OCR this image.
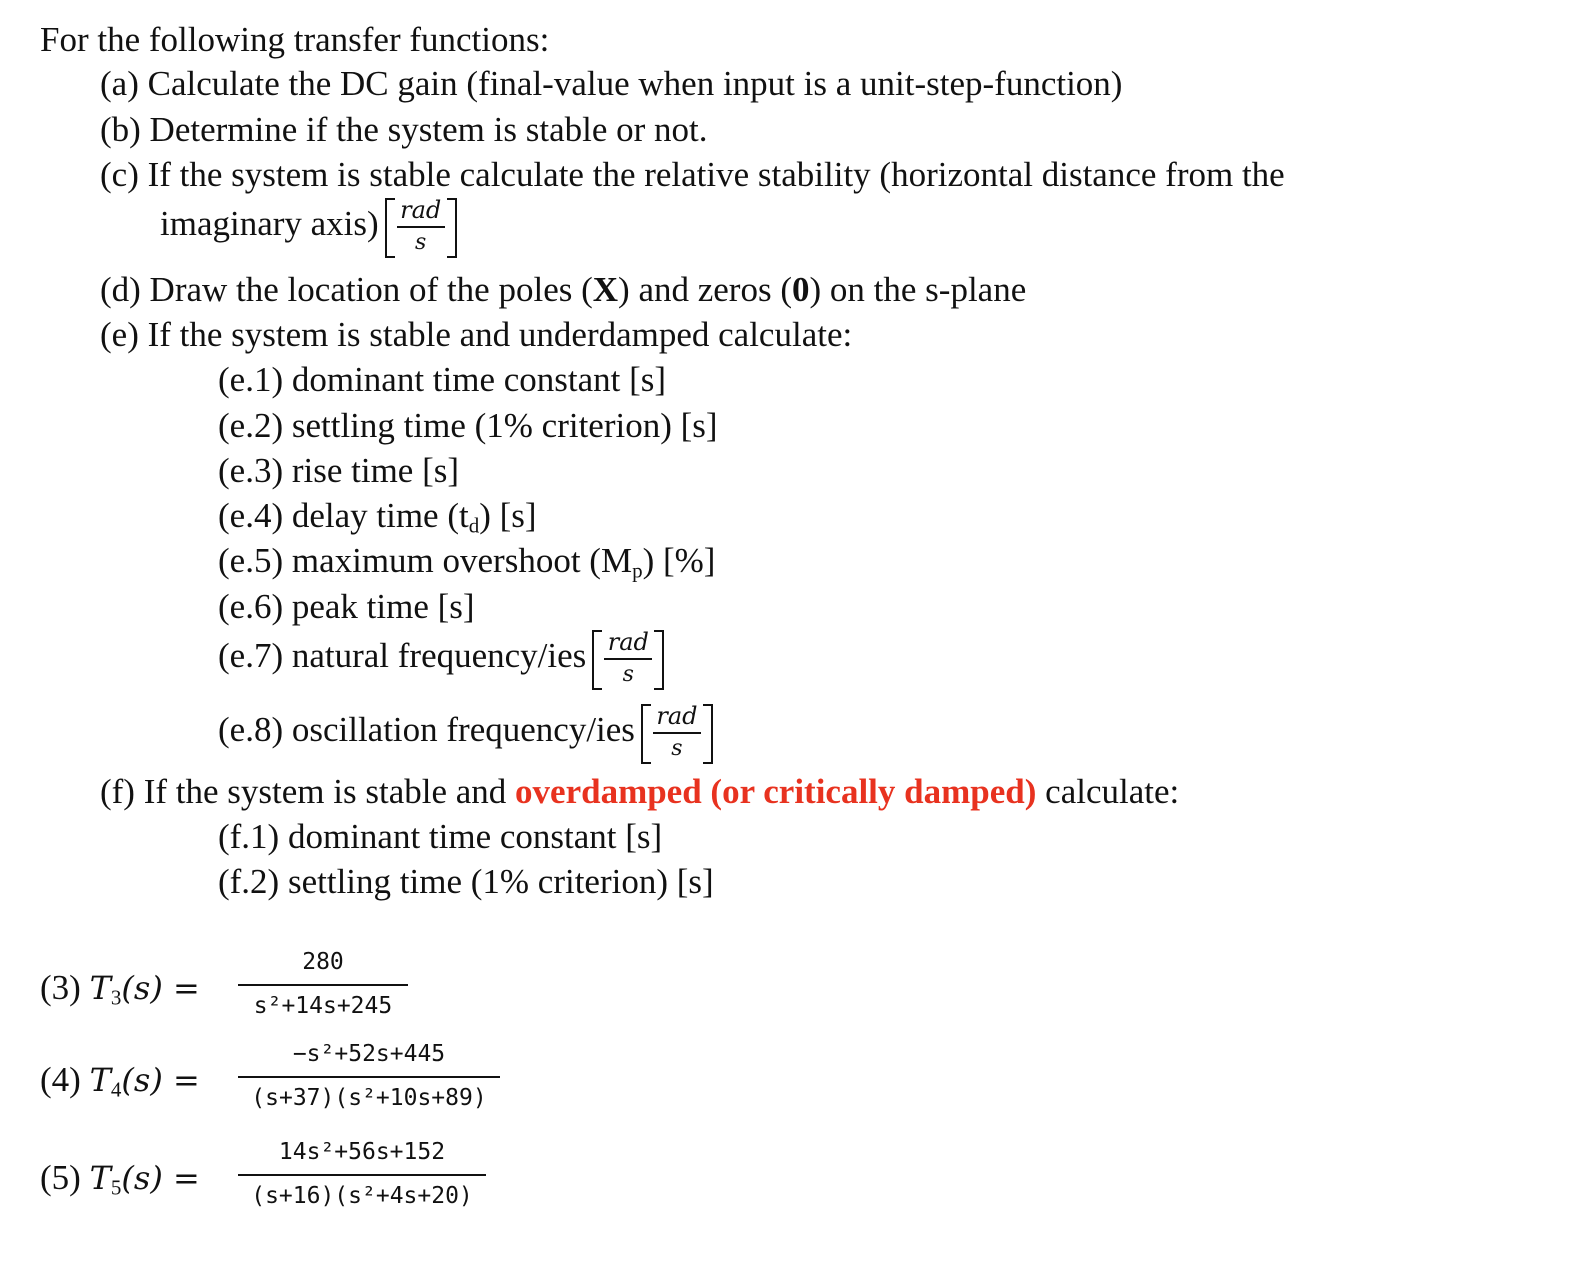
For the following transfer functions:
(a) Calculate the DC gain (final-value when input is a unit-step-function)
(b) Determine if the system is stable or not.
(c) If the system is stable calculate the relative stability (horizontal distance from the
imaginary axis) $\frac{\text{rad}}{s}$
(d) Draw the location of the poles (X) and zeros (0) on the s-plane
(e) If the system is stable and underdamped calculate:
(e.1) dominant time constant [s]
(e.2) settling time (1% criterion) [s]
(e.3) rise time [s]
(e.4) delay time $(t_d)$ [s]
(e.5) maximum overshoot $(M_p)$ [%]
(e.6) peak time [s]
(e.7) natural frequency/ies $\frac{\text{rad}}{s}$
(e.8) oscillation frequency/ies $\frac{\text{rad}}{s}$
(f) If the system is stable and overdamped (or critically damped) calculate:
(f.1) dominant time constant [s]
(f.2) settling time (1% criterion) [s]
(3) $T_3(s)$ =
280
s²+14s+245
(4) $T_4(s)$ =
−s²+52s+445
(s+37)(s²+10s+89)
(5) $T_5(s)$ =
14s²+56s+152
(s+16)(s²+4s+20)
